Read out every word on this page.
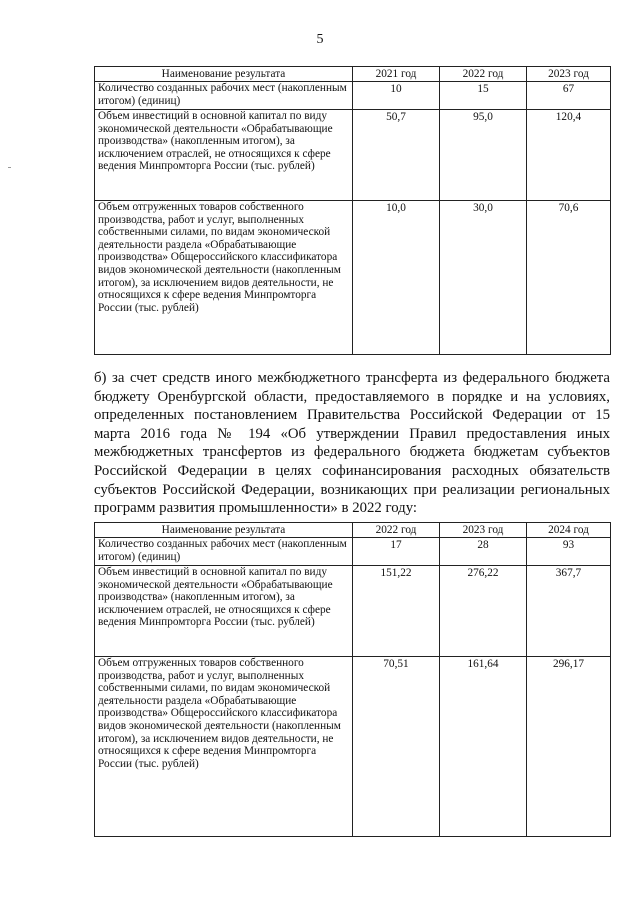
5
Наименование результата	2021 год	2022 год	2023 год
Количество созданных рабочих мест (накопленным итогом) (единиц)	10	15	67
Объем инвестиций в основной капитал по виду экономической деятельности «Обрабатывающие производства» (накопленным итогом), за исключением отраслей, не относящихся к сфере ведения Минпромторга России (тыс. рублей)	50,7	95,0	120,4
Объем отгруженных товаров собственного производства, работ и услуг, выполненных собственными силами, по видам экономической деятельности раздела «Обрабатывающие производства» Общероссийского классификатора видов экономической деятельности (накопленным итогом), за исключением видов деятельности, не относящихся к сфере ведения Минпромторга России (тыс. рублей)	10,0	30,0	70,6
б) за счет средств иного межбюджетного трансферта из федерального бюджета бюджету Оренбургской области, предоставляемого в порядке и на условиях, определенных постановлением Правительства Российской Федерации от 15 марта 2016 года № 194 «Об утверждении Правил предоставления иных межбюджетных трансфертов из федерального бюджета бюджетам субъектов Российской Федерации в целях софинансирования расходных обязательств субъектов Российской Федерации, возникающих при реализации региональных программ развития промышленности» в 2022 году:
Наименование результата	2022 год	2023 год	2024 год
Количество созданных рабочих мест (накопленным итогом) (единиц)	17	28	93
Объем инвестиций в основной капитал по виду экономической деятельности «Обрабатывающие производства» (накопленным итогом), за исключением отраслей, не относящихся к сфере ведения Минпромторга России (тыс. рублей)	151,22	276,22	367,7
Объем отгруженных товаров собственного производства, работ и услуг, выполненных собственными силами, по видам экономической деятельности раздела «Обрабатывающие производства» Общероссийского классификатора видов экономической деятельности (накопленным итогом), за исключением видов деятельности, не относящихся к сфере ведения Минпромторга России (тыс. рублей)	70,51	161,64	296,17
